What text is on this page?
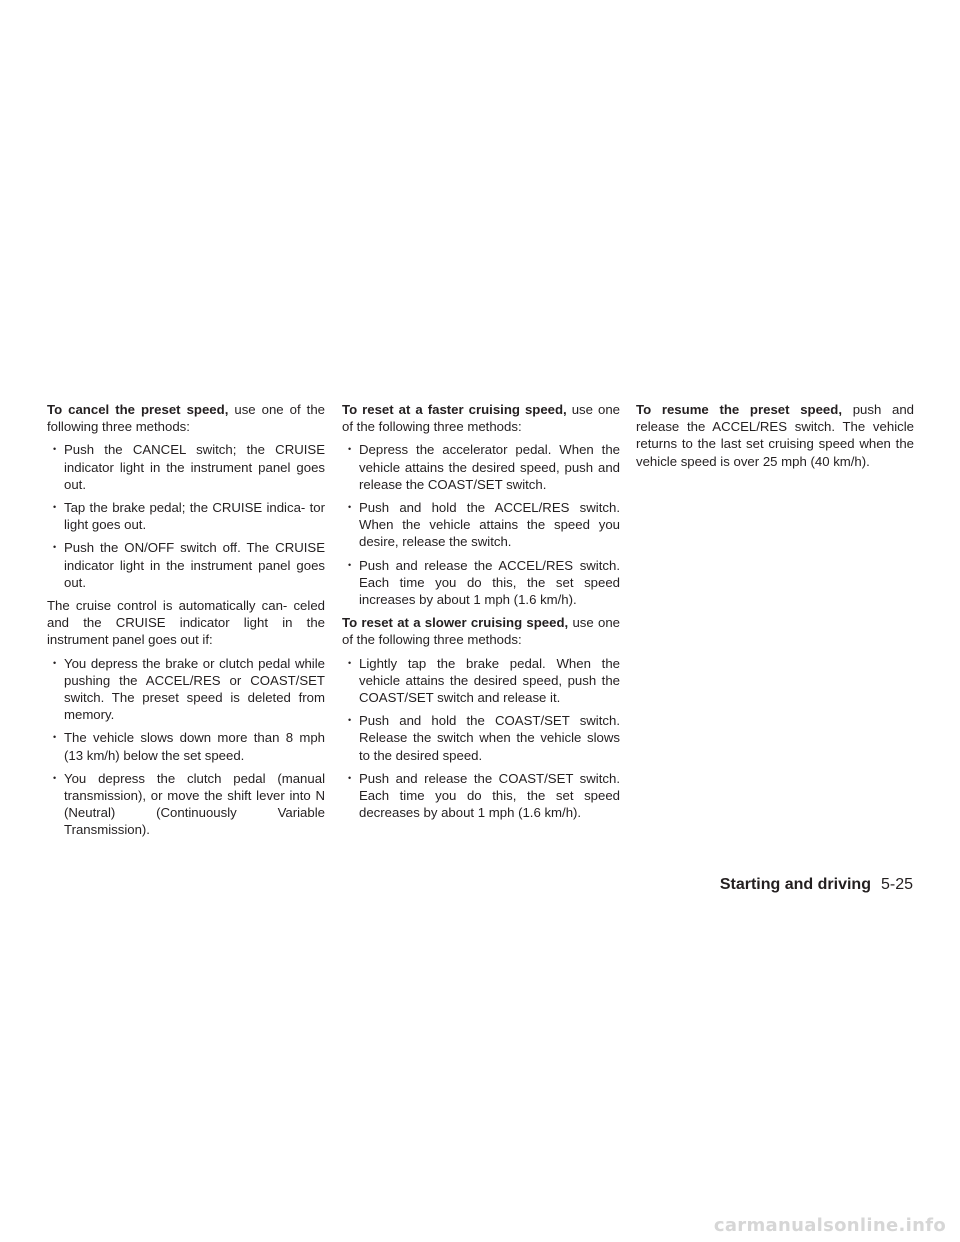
To cancel the preset speed, use one of the following three methods:

• Push the CANCEL switch; the CRUISE indicator light in the instrument panel goes out.
• Tap the brake pedal; the CRUISE indica- tor light goes out.
• Push the ON/OFF switch off. The CRUISE indicator light in the instrument panel goes out.

The cruise control is automatically can- celed and the CRUISE indicator light in the instrument panel goes out if:

• You depress the brake or clutch pedal while pushing the ACCEL/RES or COAST/SET switch. The preset speed is deleted from memory.
• The vehicle slows down more than 8 mph (13 km/h) below the set speed.
• You depress the clutch pedal (manual transmission), or move the shift lever into N (Neutral) (Continuously Variable Transmission).

To reset at a faster cruising speed, use one of the following three methods:

• Depress the accelerator pedal. When the vehicle attains the desired speed, push and release the COAST/SET switch.
• Push and hold the ACCEL/RES switch. When the vehicle attains the speed you desire, release the switch.
• Push and release the ACCEL/RES switch. Each time you do this, the set speed increases by about 1 mph (1.6 km/h).

To reset at a slower cruising speed, use one of the following three methods:

• Lightly tap the brake pedal. When the vehicle attains the desired speed, push the COAST/SET switch and release it.
• Push and hold the COAST/SET switch. Release the switch when the vehicle slows to the desired speed.
• Push and release the COAST/SET switch. Each time you do this, the set speed decreases by about 1 mph (1.6 km/h).

To resume the preset speed, push and release the ACCEL/RES switch. The vehicle returns to the last set cruising speed when the vehicle speed is over 25 mph (40 km/h).

Starting and driving 5-25
carmanualsonline.info
